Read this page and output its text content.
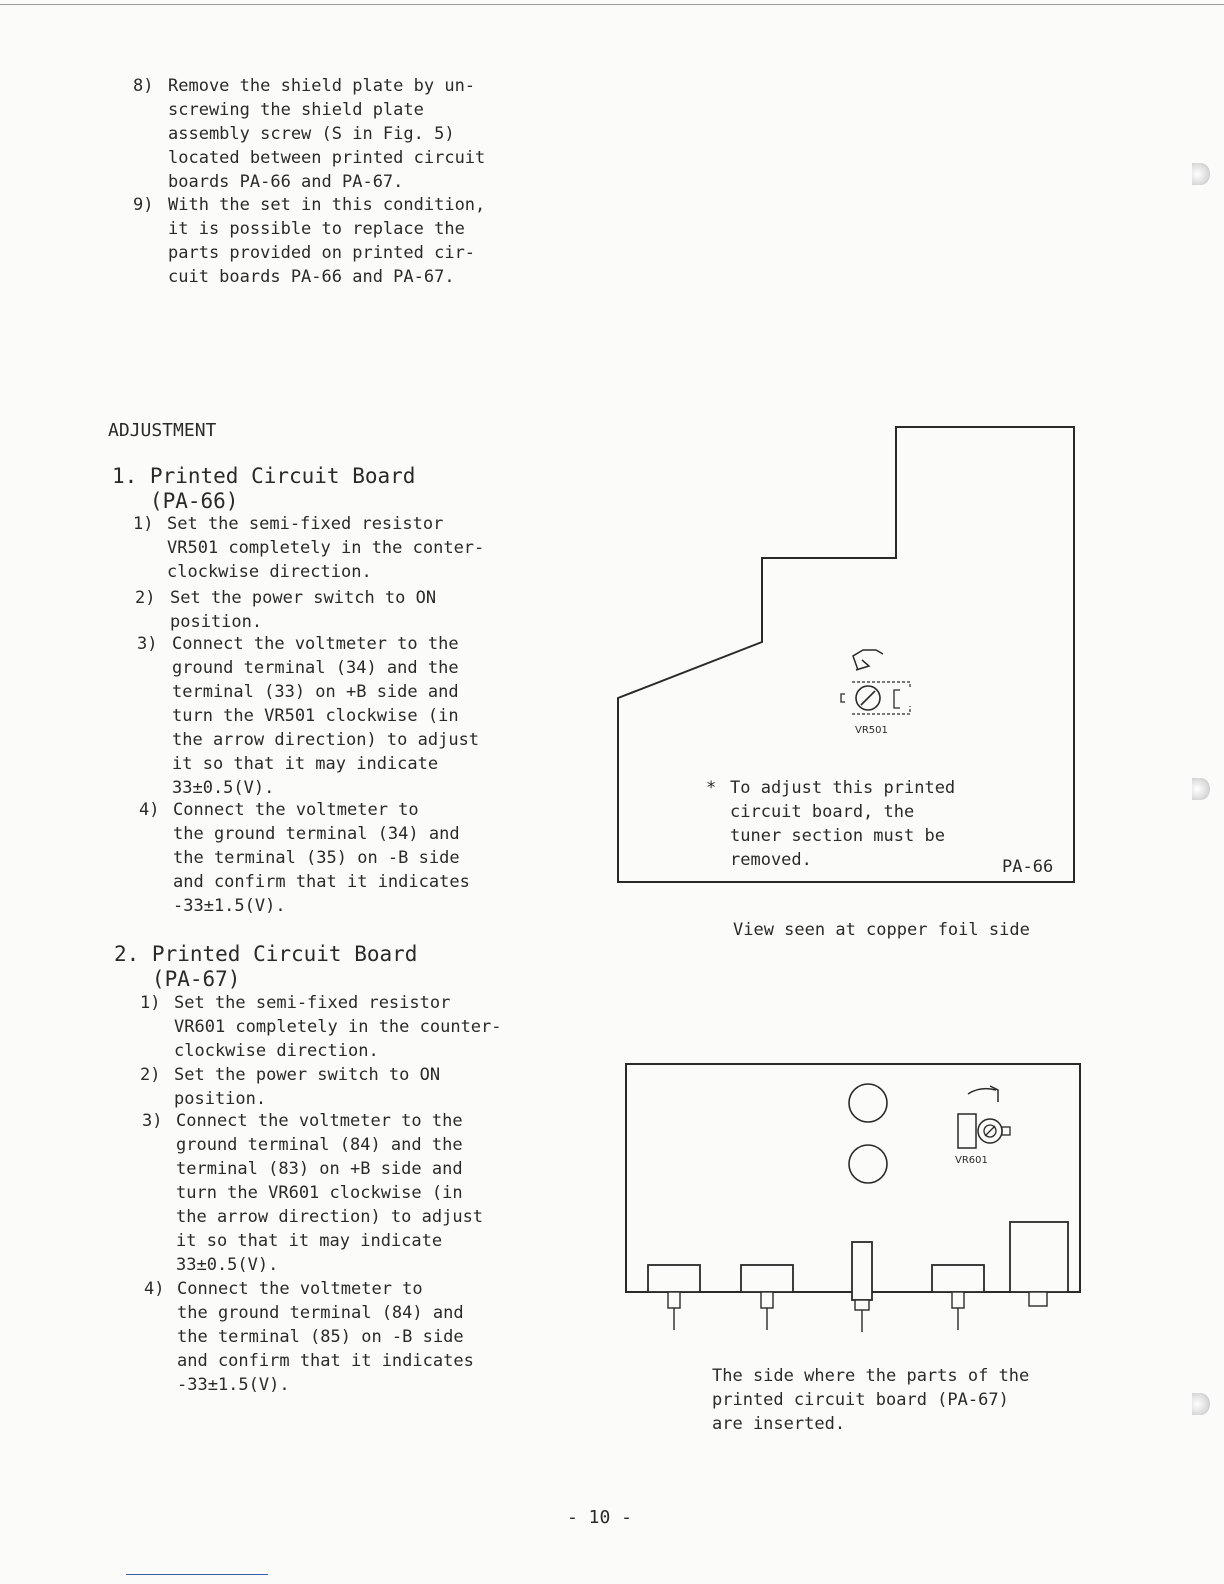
8) Remove the shield plate by un-
screwing the shield plate
assembly screw (S in Fig. 5)
located between printed circuit
boards PA-66 and PA-67.
9) With the set in this condition,
it is possible to replace the
parts provided on printed cir-
cuit boards PA-66 and PA-67.
ADJUSTMENT
1. Printed Circuit Board
(PA-66)
1) Set the semi-fixed resistor
VR501 completely in the conter-
clockwise direction.
2) Set the power switch to ON
position.
3) Connect the voltmeter to the
ground terminal (34) and the
terminal (33) on +B side and
turn the VR501 clockwise (in
the arrow direction) to adjust
it so that it may indicate
33±0.5(V).
4) Connect the voltmeter to
the ground terminal (34) and
the terminal (35) on -B side
and confirm that it indicates
-33±1.5(V).
2. Printed Circuit Board
(PA-67)
1) Set the semi-fixed resistor
VR601 completely in the counter-
clockwise direction.
2) Set the power switch to ON
position.
3) Connect the voltmeter to the
ground terminal (84) and the
terminal (83) on +B side and
turn the VR601 clockwise (in
the arrow direction) to adjust
it so that it may indicate
33±0.5(V).
4) Connect the voltmeter to
the ground terminal (84) and
the terminal (85) on -B side
and confirm that it indicates
-33±1.5(V).
VR501
* To adjust this printed
circuit board, the
tuner section must be
removed.	PA-66
View seen at copper foil side
VR601
The side where the parts of the
printed circuit board (PA-67)
are inserted.
- 10 -
